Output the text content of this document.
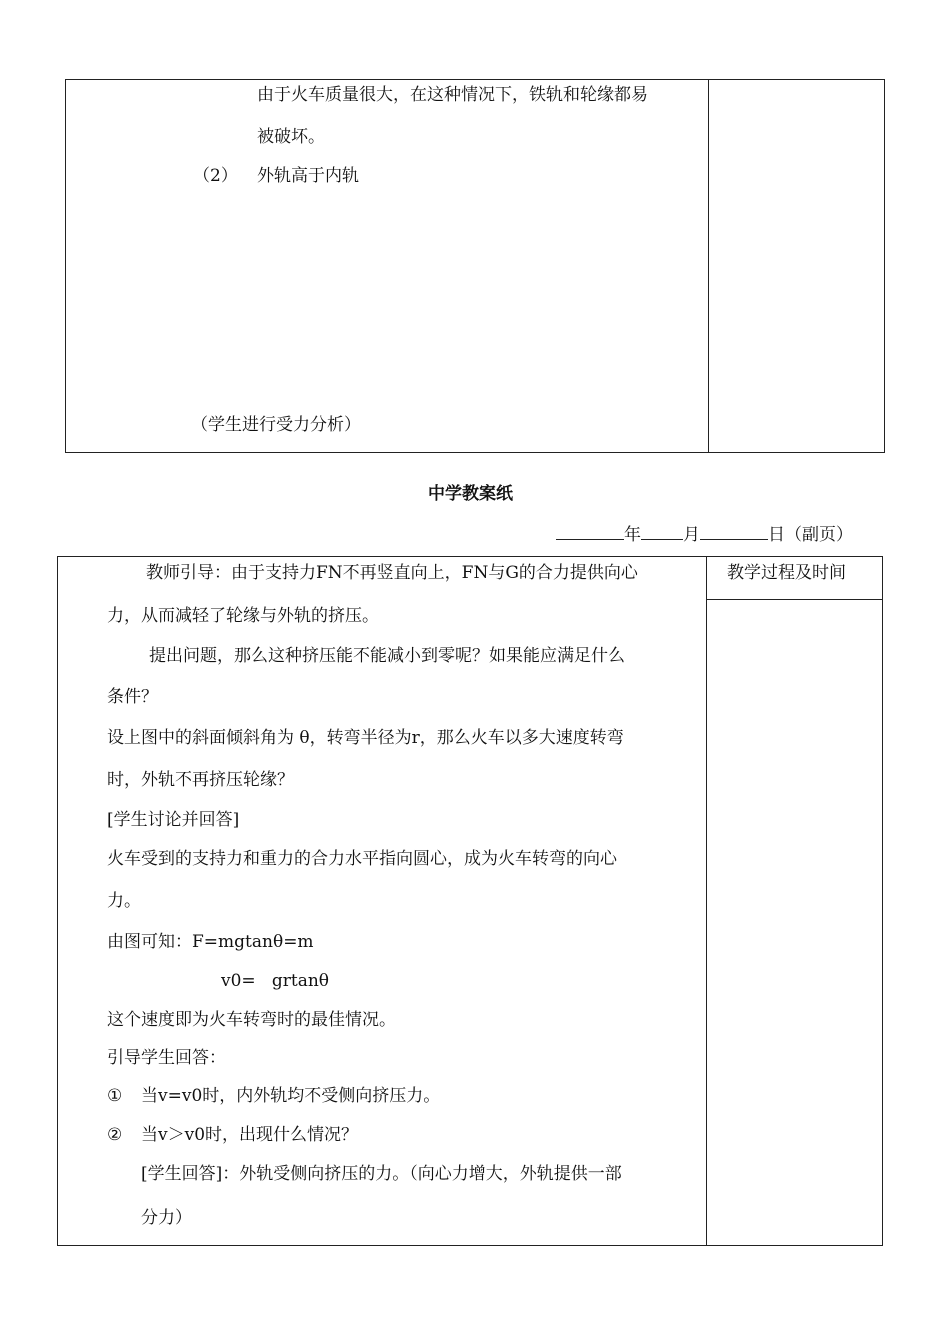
由于火车质量很大，在这种情况下，铁轨和轮缘都易
被破坏。
（2） 外轨高于内轨
（学生进行受力分析）
中学教案纸
年 月	日（副页）
教学过程及时间
教师引导：由于支持力FN不再竖直向上，FN与G的合力提供向心
力，从而减轻了轮缘与外轨的挤压。
提出问题，那么这种挤压能不能减小到零呢？如果能应满足什么
条件？
设上图中的斜面倾斜角为 θ，转弯半径为r，那么火车以多大速度转弯
时，外轨不再挤压轮缘？
[学生讨论并回答]
火车受到的支持力和重力的合力水平指向圆心，成为火车转弯的向心
力。
由图可知：F=mgtanθ=m
v0=   grtanθ
这个速度即为火车转弯时的最佳情况。
引导学生回答：
① 当v=v0时，内外轨均不受侧向挤压力。
② 当v＞v0时，出现什么情况？
[学生回答]：外轨受侧向挤压的力。（向心力增大，外轨提供一部
分力）
